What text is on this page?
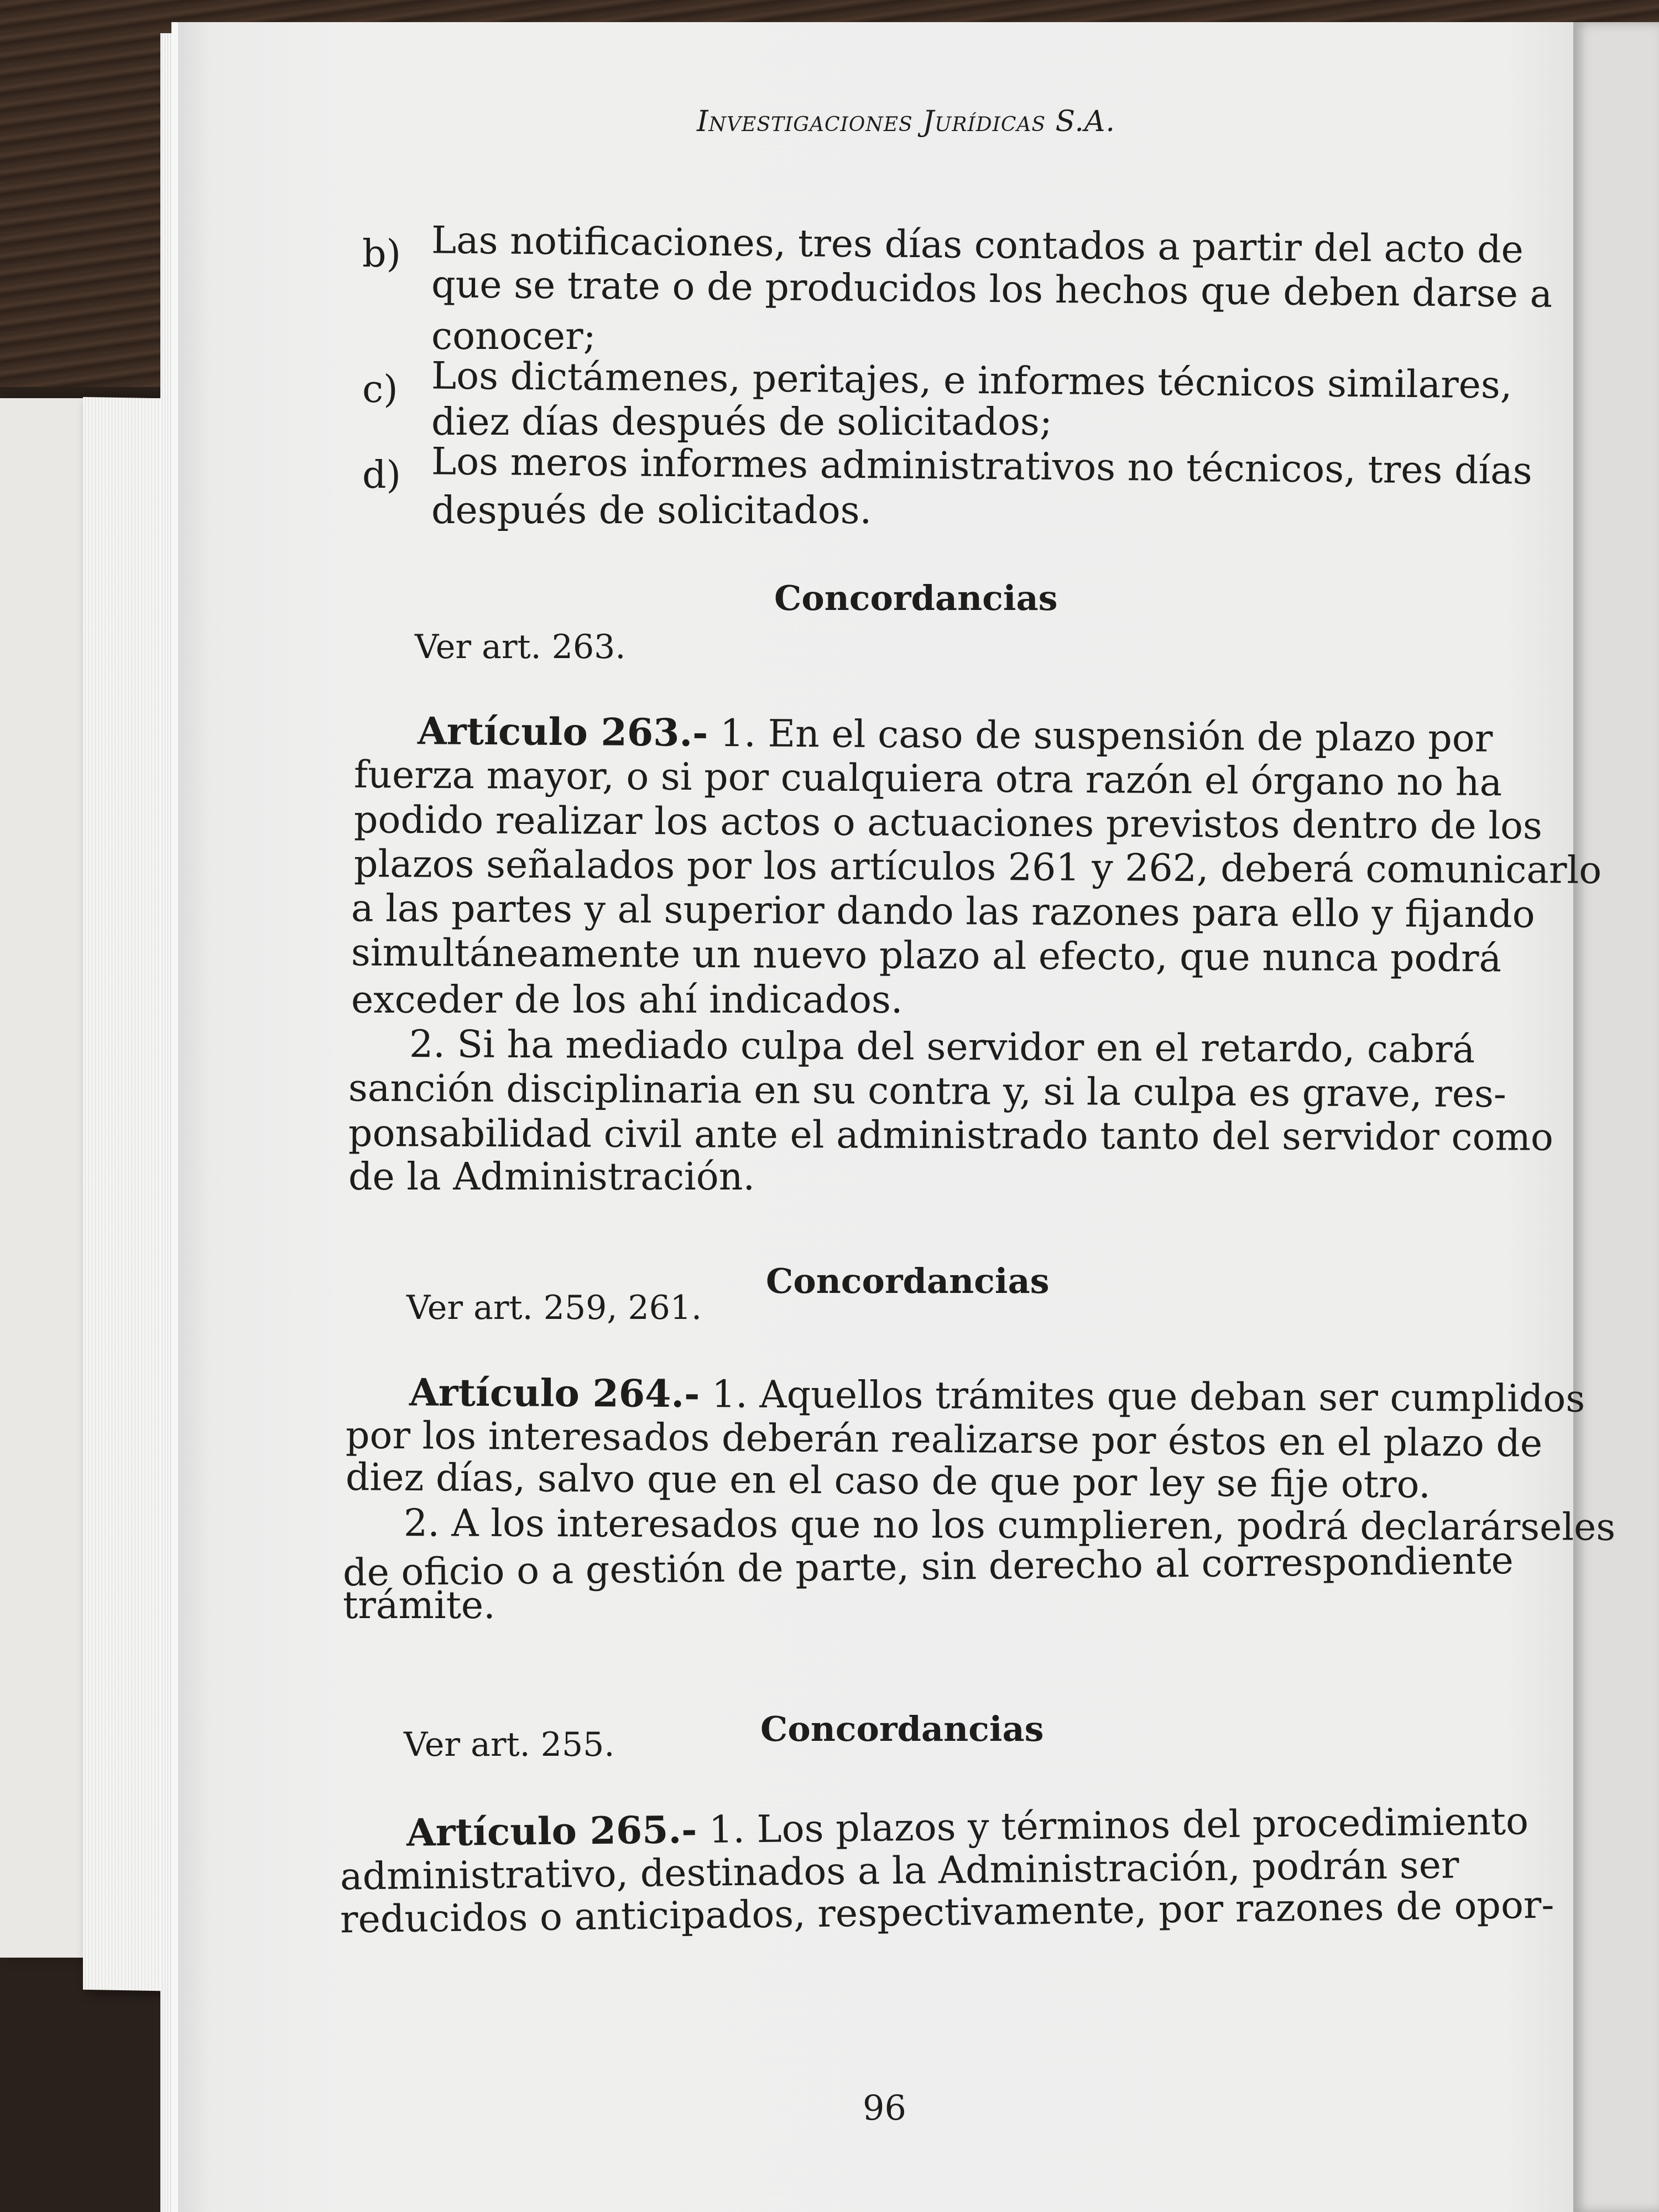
Investigaciones Jurídicas S.A.
b) Las notificaciones, tres días contados a partir del acto de
que se trate o de producidos los hechos que deben darse a
conocer;
c) Los dictámenes, peritajes, e informes técnicos similares,
diez días después de solicitados;
d) Los meros informes administrativos no técnicos, tres días
después de solicitados.
Concordancias
Ver art. 263.
Artículo 263.- 1. En el caso de suspensión de plazo por
fuerza mayor, o si por cualquiera otra razón el órgano no ha
podido realizar los actos o actuaciones previstos dentro de los
plazos señalados por los artículos 261 y 262, deberá comunicarlo
a las partes y al superior dando las razones para ello y fijando
simultáneamente un nuevo plazo al efecto, que nunca podrá
exceder de los ahí indicados.
2. Si ha mediado culpa del servidor en el retardo, cabrá
sanción disciplinaria en su contra y, si la culpa es grave, res-
ponsabilidad civil ante el administrado tanto del servidor como
de la Administración.
Concordancias
Ver art. 259, 261.
Artículo 264.- 1. Aquellos trámites que deban ser cumplidos
por los interesados deberán realizarse por éstos en el plazo de
diez días, salvo que en el caso de que por ley se fije otro.
2. A los interesados que no los cumplieren, podrá declarárseles
de oficio o a gestión de parte, sin derecho al correspondiente
trámite.
Concordancias
Ver art. 255.
Artículo 265.- 1. Los plazos y términos del procedimiento
administrativo, destinados a la Administración, podrán ser
reducidos o anticipados, respectivamente, por razones de opor-
96
